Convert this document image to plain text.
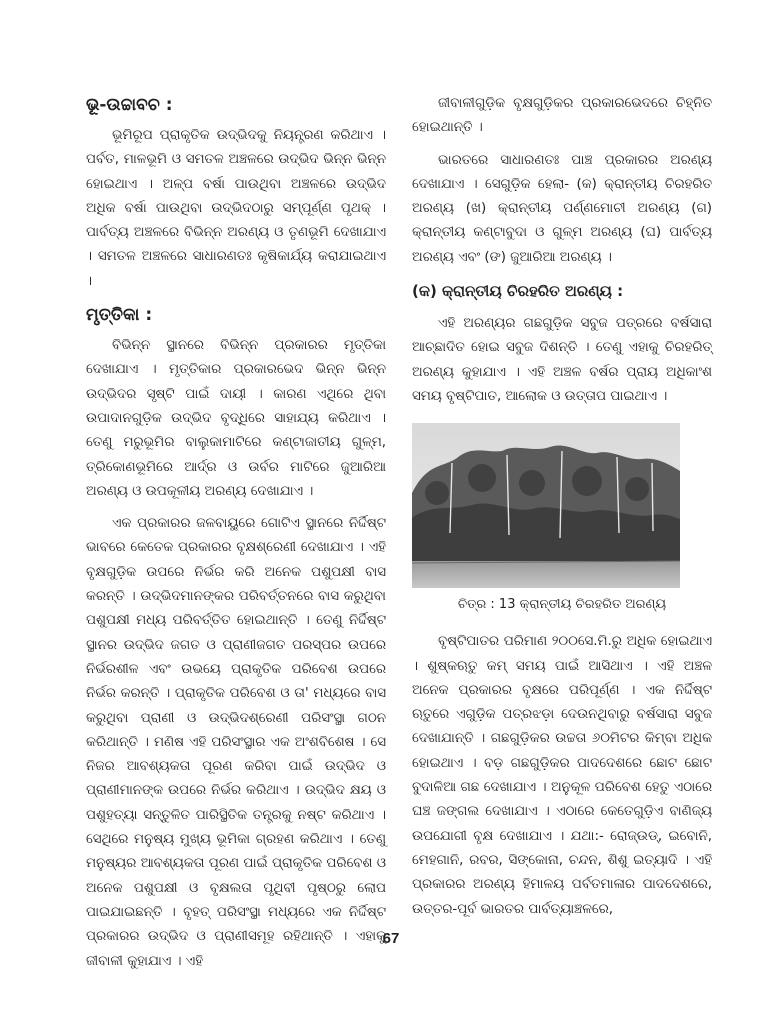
ଭୂ-ଉଚ୍ଚାବଚ :

ଭୂମିରୂପ ପ୍ରାକୃତିକ ଉଦ୍ଭିଦକୁ ନିୟନ୍ତ୍ରଣ କରିଥାଏ । ପର୍ବତ, ମାଳଭୂମି ଓ ସମତଳ ଅଞ୍ଚଳରେ ଉଦ୍ଭିଦ ଭିନ୍ନ ଭିନ୍ନ ହୋଇଥାଏ । ଅଳ୍ପ ବର୍ଷା ପାଉଥିବା ଅଞ୍ଚଳରେ ଉଦ୍ଭିଦ ଅଧିକ ବର୍ଷା ପାଉଥିବା ଉଦ୍ଭିଦଠାରୁ ସମ୍ପୂର୍ଣ୍ଣ ପୃଥକ୍ । ପାର୍ବତ୍ୟ ଅଞ୍ଚଳରେ ବିଭିନ୍ନ ଅରଣ୍ୟ ଓ ତୃଣଭୂମି ଦେଖାଯାଏ । ସମତଳ ଅଞ୍ଚଳରେ ସାଧାରଣତଃ କୃଷିକାର୍ଯ୍ୟ କରାଯାଇଥାଏ ।

ମୃତ୍ତିକା :

ବିଭିନ୍ନ ସ୍ଥାନରେ ବିଭିନ୍ନ ପ୍ରକାରର ମୃତ୍ତିକା ଦେଖାଯାଏ । ମୃତ୍ତିକାର ପ୍ରକାରଭେଦ ଭିନ୍ନ ଭିନ୍ନ ଉଦ୍ଭିଦର ସୃଷ୍ଟି ପାଇଁ ଦାୟୀ । କାରଣ ଏଥିରେ ଥିବା ଉପାଦାନଗୁଡ଼ିକ ଉଦ୍ଭିଦ ବୃଦ୍ଧିରେ ସାହାଯ୍ୟ କରିଥାଏ । ତେଣୁ ମରୁଭୂମିର ବାଲୁକାମାଟିରେ କଣ୍ଟାଜାତୀୟ ଗୁଳ୍ମ, ତ୍ରିକୋଣଭୂମିରେ ଆର୍ଦ୍ର ଓ ଉର୍ବର ମାଟିରେ ଜୁଆରିଆ ଅରଣ୍ୟ ଓ ଉପକୂଳୀୟ ଅରଣ୍ୟ ଦେଖାଯାଏ ।

ଏକ ପ୍ରକାରର ଜଳବାୟୁରେ ଗୋଟିଏ ସ୍ଥାନରେ ନିର୍ଦ୍ଦିଷ୍ଟ ଭାବରେ କେତେକ ପ୍ରକାରର ବୃକ୍ଷଶ୍ରେଣୀ ଦେଖାଯାଏ । ଏହି ବୃକ୍ଷଗୁଡ଼ିକ ଉପରେ ନିର୍ଭର କରି ଅନେକ ପଶୁପକ୍ଷୀ ବାସ କରନ୍ତି । ଉଦ୍ଭିଦମାନଙ୍କର ପରିବର୍ତ୍ତନରେ ବାସ କରୁଥିବା ପଶୁପକ୍ଷୀ ମଧ୍ୟ ପରିବର୍ତ୍ତିତ ହୋଇଥାନ୍ତି । ତେଣୁ ନିର୍ଦ୍ଦିଷ୍ଟ ସ୍ଥାନର ଉଦ୍ଭିଦ ଜଗତ ଓ ପ୍ରାଣୀଜଗତ ପରସ୍ପର ଉପରେ ନିର୍ଭରଶୀଳ ଏବଂ ଉଭୟେ ପ୍ରାକୃତିକ ପରିବେଶ ଉପରେ ନିର୍ଭର କରନ୍ତି । ପ୍ରାକୃତିକ ପରିବେଶ ଓ ତା' ମଧ୍ୟରେ ବାସ କରୁଥିବା ପ୍ରାଣୀ ଓ ଉଦ୍ଭିଦଶ୍ରେଣୀ ପରିସଂସ୍ଥା ଗଠନ କରିଥାନ୍ତି । ମଣିଷ ଏହି ପରିସଂସ୍ଥାର ଏକ ଅଂଶବିଶେଷ । ସେ ନିଜର ଆବଶ୍ୟକତା ପୂରଣ କରିବା ପାଇଁ ଉଦ୍ଭିଦ ଓ ପ୍ରାଣୀମାନଙ୍କ ଉପରେ ନିର୍ଭର କରିଥାଏ । ଉଦ୍ଭିଦ କ୍ଷୟ ଓ ପଶୁହତ୍ୟା ସନ୍ତୁଳିତ ପାରିସ୍ଥିତିକ ତନ୍ତ୍ରକୁ ନଷ୍ଟ କରିଥାଏ । ସେଥିରେ ମନୁଷ୍ୟ ମୁଖ୍ୟ ଭୂମିକା ଗ୍ରହଣ କରିଥାଏ । ତେଣୁ ମନୁଷ୍ୟର ଆବଶ୍ୟକତା ପୂରଣ ପାଇଁ ପ୍ରାକୃତିକ ପରିବେଶ ଓ ଅନେକ ପଶୁପକ୍ଷୀ ଓ ବୃକ୍ଷଲତା ପୃଥିବୀ ପୃଷ୍ଠରୁ ଲୋପ ପାଇଯାଇଛନ୍ତି । ବୃହତ୍ ପରିସଂସ୍ଥା ମଧ୍ୟରେ ଏକ ନିର୍ଦ୍ଦିଷ୍ଟ ପ୍ରକାରର ଉଦ୍ଭିଦ ଓ ପ୍ରାଣୀସମୂହ ରହିଥାନ୍ତି । ଏହାକୁ ଜୀବାଳୀ କୁହାଯାଏ । ଏହି

ଜୀବାଳୀଗୁଡ଼ିକ ବୃକ୍ଷଗୁଡ଼ିକର ପ୍ରକାରଭେଦରେ ଚିହ୍ନିତ ହୋଇଥାନ୍ତି ।

ଭାରତରେ ସାଧାରଣତଃ ପାଞ୍ଚ ପ୍ରକାରର ଅରଣ୍ୟ ଦେଖାଯାଏ । ସେଗୁଡ଼ିକ ହେଲା- (କ) କ୍ରାନ୍ତୀୟ ଚିରହରିତ ଅରଣ୍ୟ (ଖ) କ୍ରାନ୍ତୀୟ ପର୍ଣ୍ଣମୋଚୀ ଅରଣ୍ୟ (ଗ) କ୍ରାନ୍ତୀୟ କଣ୍ଟାବୁଦା ଓ ଗୁଳ୍ମ ଅରଣ୍ୟ (ଘ) ପାର୍ବତ୍ୟ ଅରଣ୍ୟ ଏବଂ (ଙ) ଜୁଆରିଆ ଅରଣ୍ୟ ।

(କ) କ୍ରାନ୍ତୀୟ ଚିରହରିତ ଅରଣ୍ୟ :

ଏହି ଅରଣ୍ୟର ଗଛଗୁଡ଼ିକ ସବୁଜ ପତ୍ରରେ ବର୍ଷସାରା ଆଚ୍ଛାଦିତ ହୋଇ ସବୁଜ ଦିଶନ୍ତି । ତେଣୁ ଏହାକୁ ଚିରହରିତ୍ ଅରଣ୍ୟ କୁହାଯାଏ । ଏହି ଅଞ୍ଚଳ ବର୍ଷର ପ୍ରାୟ ଅଧିକାଂଶ ସମୟ ବୃଷ୍ଟିପାତ, ଆଲୋକ ଓ ଉତ୍ତାପ ପାଇଥାଏ ।

ଚିତ୍ର : 13 କ୍ରାନ୍ତୀୟ ଚିରହରିତ ଅରଣ୍ୟ

ବୃଷ୍ଟିପାତର ପରିମାଣ ୨୦୦ସେ.ମି.ରୁ ଅଧିକ ହୋଇଥାଏ । ଶୁଷ୍କଋତୁ କମ୍ ସମୟ ପାଇଁ ଆସିଥାଏ । ଏହି ଅଞ୍ଚଳ ଅନେକ ପ୍ରକାରର ବୃକ୍ଷରେ ପରିପୂର୍ଣ୍ଣ । ଏକ ନିର୍ଦ୍ଦିଷ୍ଟ ଋତୁରେ ଏଗୁଡ଼ିକ ପତ୍ରଝଡ଼ା ଦେଉନଥିବାରୁ ବର୍ଷସାରା ସବୁଜ ଦେଖାଯାନ୍ତି । ଗଛଗୁଡ଼ିକର ଉଚ୍ଚତା ୬୦ମିଟର କିମ୍ବା ଅଧିକ ହୋଇଥାଏ । ବଡ଼ ଗଛଗୁଡ଼ିକର ପାଦଦେଶରେ ଛୋଟ ଛୋଟ ବୁଦାଳିଆ ଗଛ ଦେଖାଯାଏ । ଅନୁକୂଳ ପରିବେଶ ହେତୁ ଏଠାରେ ଘଞ୍ଚ ଜଙ୍ଗଲ ଦେଖାଯାଏ । ଏଠାରେ କେତେଗୁଡ଼ିଏ ବାଣିଜ୍ୟ ଉପଯୋଗୀ ବୃକ୍ଷ ଦେଖାଯାଏ । ଯଥା:- ରୋଜ୍‌ଉଡ୍, ଇବୋନି, ମେହଗାନି, ରବର, ସିଙ୍କୋନା, ଚନ୍ଦନ, ଶିଶୁ ଇତ୍ୟାଦି । ଏହି ପ୍ରକାରର ଅରଣ୍ୟ ହିମାଳୟ ପର୍ବତମାଳାର ପାଦଦେଶରେ, ଉତ୍ତର-ପୂର୍ବ ଭାରତର ପାର୍ବତ୍ୟାଞ୍ଚଳରେ,

67
